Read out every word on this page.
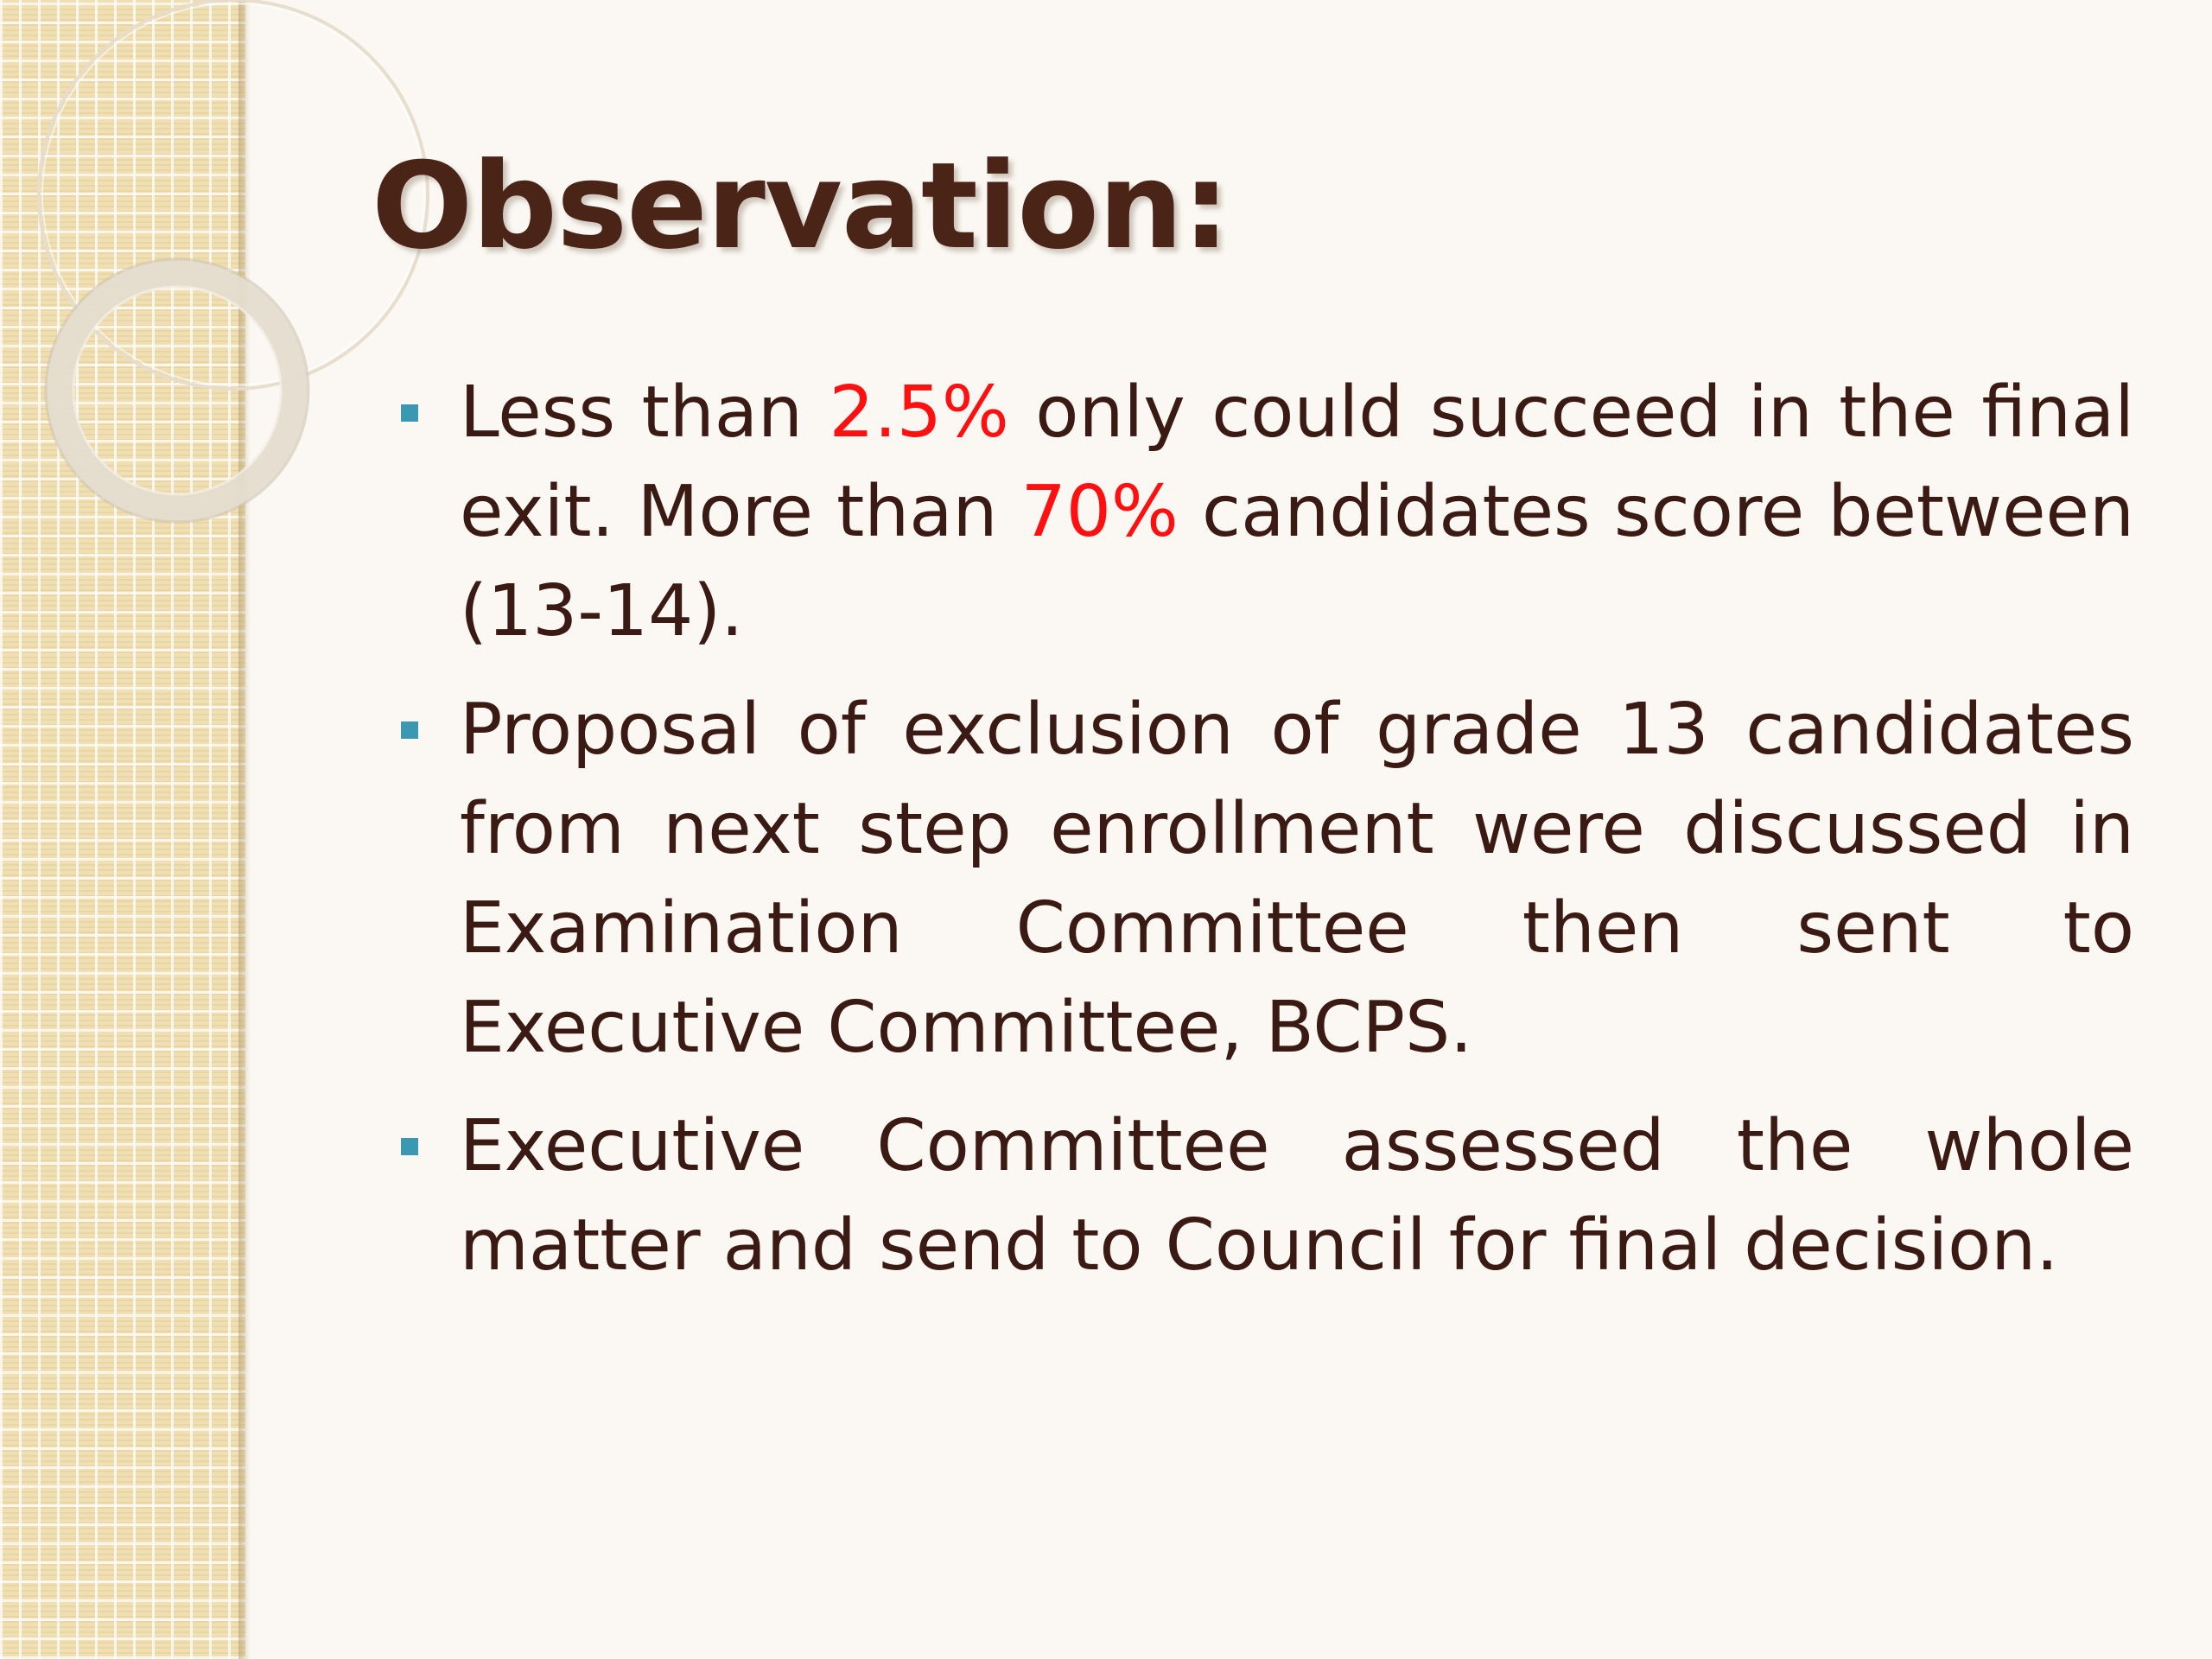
Observation:
Less than 2.5% only could succeed in the final exit. More than 70% candidates score between (13-14).
Proposal of exclusion of grade 13 candidates from next step enrollment were discussed in Examination Committee then sent to Executive Committee, BCPS.
Executive Committee assessed the whole matter and send to Council for final decision.
